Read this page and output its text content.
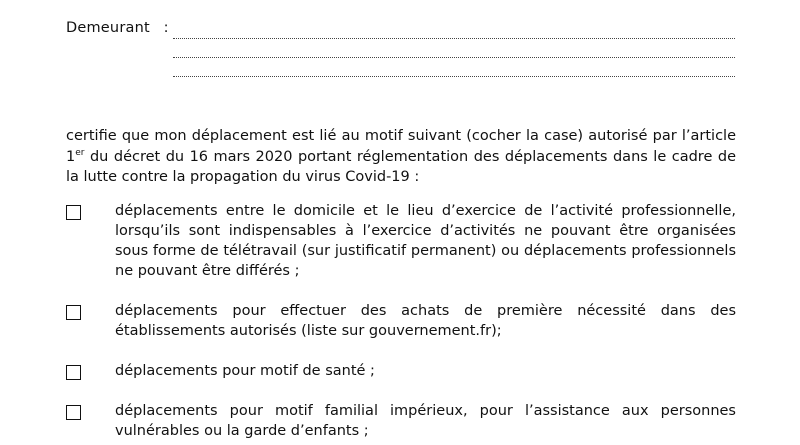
Demeurant :
certifie que mon déplacement est lié au motif suivant (cocher la case) autorisé par l’article 1er du décret du 16 mars 2020 portant réglementation des déplacements dans le cadre de la lutte contre la propagation du virus Covid-19 :
déplacements entre le domicile et le lieu d’exercice de l’activité professionnelle, lorsqu’ils sont indispensables à l’exercice d’activités ne pouvant être organisées sous forme de télétravail (sur justificatif permanent) ou déplacements professionnels ne pouvant être différés ;
déplacements pour effectuer des achats de première nécessité dans des établissements autorisés (liste sur gouvernement.fr);
déplacements pour motif de santé ;
déplacements pour motif familial impérieux, pour l’assistance aux personnes vulnérables ou la garde d’enfants ;
